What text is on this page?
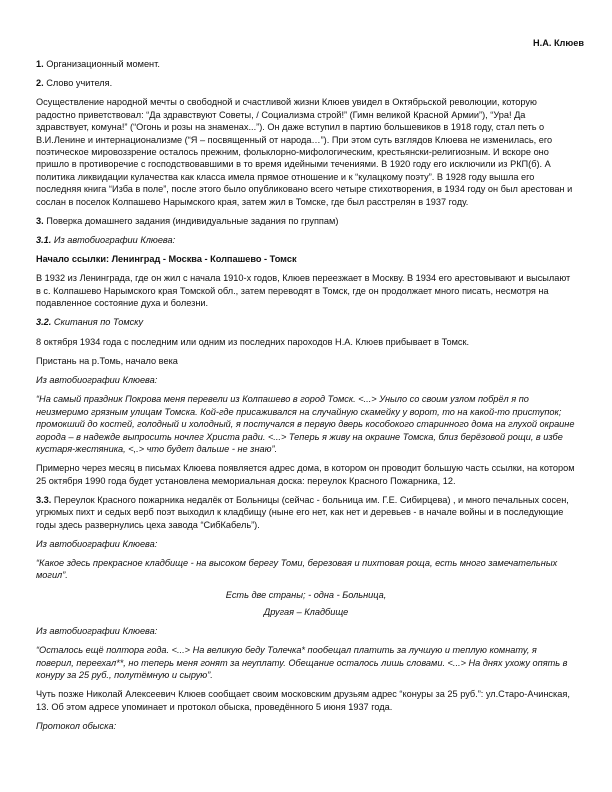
Н.А. Клюев

1. Организационный момент.

2. Слово учителя.

Осуществление народной мечты о свободной и счастливой жизни Клюев увидел в Октябрьской революции, которую радостно приветствовал: “Да здравствуют Советы, / Социализма строй!” (Гимн великой Красной Армии”), “Ура! Да здравствует, комуна!” (“Огонь и розы на знаменах...”). Он даже вступил в партию большевиков в 1918 году, стал петь о В.И.Ленине и интернационализме (“Я – посвященный от народа…”). При этом суть взглядов Клюева не изменилась, его поэтическое мировоззрение осталось прежним, фольклорно-мифологическим, крестьянски-религиозным. И вскоре оно пришло в противоречие с господствовавшими в то время идейными течениями. В 1920 году его исключили из РКП(б). А политика ликвидации кулачества как класса имела прямое отношение и к “кулацкому поэту”. В 1928 году вышла его последняя книга “Изба в поле”, после этого было опубликовано всего четыре стихотворения, в 1934 году он был арестован и сослан в поселок Колпашево Нарымского края, затем жил в Томске, где был расстрелян в 1937 году.

3. Поверка домашнего задания (индивидуальные задания по группам)

3.1. Из автобиографии Клюева:

Начало ссылки: Ленинград - Москва - Колпашево - Томск

В 1932 из Ленинграда, где он жил с начала 1910-х годов, Клюев переезжает в Москву. В 1934 его арестовывают и высылают в с. Колпашево Нарымского края Томской обл., затем переводят в Томск, где он продолжает много писать, несмотря на подавленное состояние духа и болезни.

3.2. Скитания по Томску

8 октября 1934 года с последним или одним из последних пароходов Н.А. Клюев прибывает в Томск.

Пристань на р.Томь, начало века

Из автобиографии Клюева:

“На самый праздник Покрова меня перевели из Колпашево в город Томск. <...> Уныло со своим узлом побрёл я по неизмеримо грязным улицам Томска. Кой-где присаживался на случайную скамейку у ворот, то на какой-то приступок; промокший до костей, голодный и холодный, я постучался в первую дверь кособокого старинного дома на глухой окраине города – в надежде выпросить ночлег Христа ради. <...> Теперь я живу на окраине Томска, близ берёзовой рощи, в избе кустаря-жестяника, <,.> что будет дальше - не знаю”.

Примерно через месяц в письмах Клюева появляется адрес дома, в котором он проводит большую часть ссылки, на котором 25 октября 1990 года будет установлена мемориальная доска: переулок Красного Пожарника, 12.

3.3. Переулок Красного пожарника недалёк от Больницы (сейчас - больница им. Г.Е. Сибирцева) , и много печальных сосен, угрюмых пихт и седых верб поэт выходил к кладбищу (ныне его нет, как нет и деревьев - в начале войны и в последующие годы здесь развернулись цеха завода “СибКабель”).

Из автобиографии Клюева:

“Какое здесь прекрасное кладбище - на высоком берегу Томи, березовая и пихтовая роща, есть много замечательных могил”.

Есть две страны; - одна - Больница,

Другая – Кладбище

Из автобиографии Клюева:

“Осталось ещё полтора года. <...> На великую беду Толечка* пообещал платить за лучшую и теплую комнату, я поверил, переехал**, но теперь меня гонят за неуплату. Обещание осталось лишь словами. <...> На днях ухожу опять в конуру за 25 руб., полутёмную и сырую”.

Чуть позже Николай Алексеевич Клюев сообщает своим московским друзьям адрес “конуры за 25 руб.”: ул.Старо-Ачинская, 13. Об этом адресе упоминает и протокол обыска, проведённого 5 июня 1937 года.

Протокол обыска:
